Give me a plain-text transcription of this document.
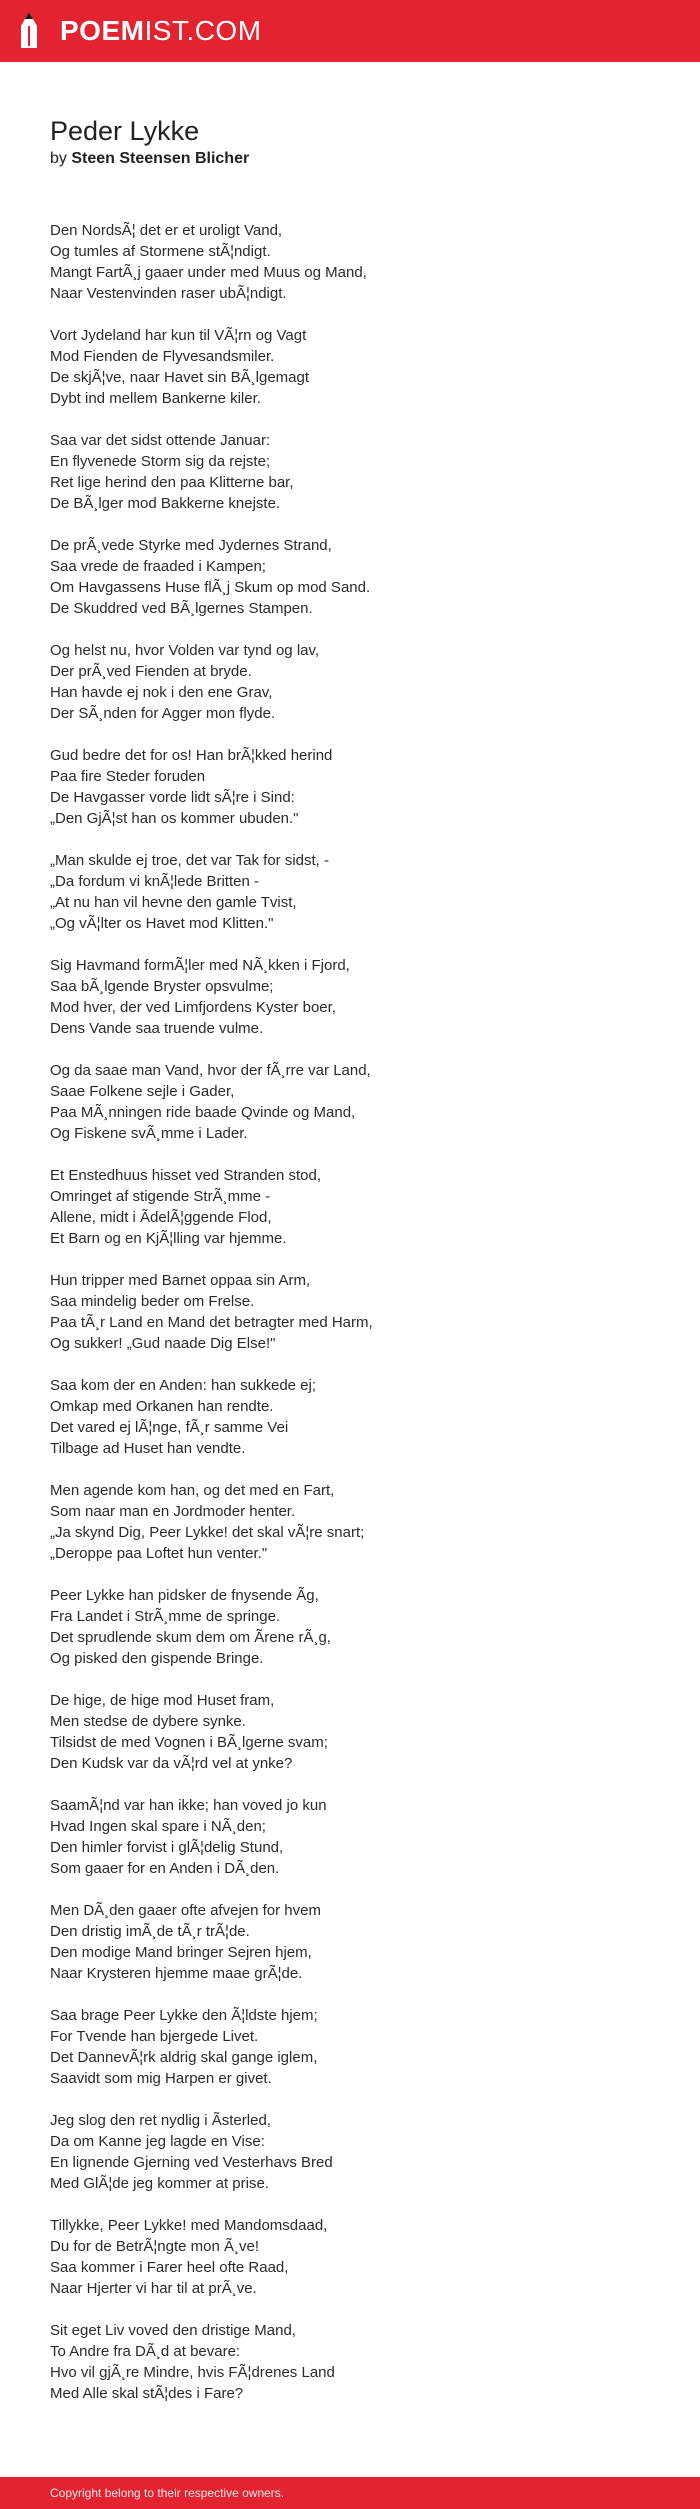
POEMIST.COM
Peder Lykke
by Steen Steensen Blicher
Den NordsÃ¦ det er et uroligt Vand,
Og tumles af Stormene stÃ¦ndigt.
Mangt FartÃ¸j gaaer under med Muus og Mand,
Naar Vestenvinden raser ubÃ¦ndigt.
Vort Jydeland har kun til VÃ¦rn og Vagt
Mod Fienden de Flyvesandsmiler.
De skjÃ¦ve, naar Havet sin BÃ¸lgemagt
Dybt ind mellem Bankerne kiler.
Saa var det sidst ottende Januar:
En flyvenede Storm sig da rejste;
Ret lige herind den paa Klitterne bar,
De BÃ¸lger mod Bakkerne knejste.
De prÃ¸vede Styrke med Jydernes Strand,
Saa vrede de fraaded i Kampen;
Om Havgassens Huse flÃ¸j Skum op mod Sand.
De Skuddred ved BÃ¸lgernes Stampen.
Og helst nu, hvor Volden var tynd og lav,
Der prÃ¸ved Fienden at bryde.
Han havde ej nok i den ene Grav,
Der SÃ¸nden for Agger mon flyde.
Gud bedre det for os! Han brÃ¦kked herind
Paa fire Steder foruden
De Havgasser vorde lidt sÃ¦re i Sind:
„Den GjÃ¦st han os kommer ubuden."
„Man skulde ej troe, det var Tak for sidst, -
„Da fordum vi knÃ¦lede Britten -
„At nu han vil hevne den gamle Tvist,
„Og vÃ¦lter os Havet mod Klitten."
Sig Havmand formÃ¦ler med NÃ¸kken i Fjord,
Saa bÃ¸lgende Bryster opsvulme;
Mod hver, der ved Limfjordens Kyster boer,
Dens Vande saa truende vulme.
Og da saae man Vand, hvor der fÃ¸rre var Land,
Saae Folkene sejle i Gader,
Paa MÃ¸nningen ride baade Qvinde og Mand,
Og Fiskene svÃ¸mme i Lader.
Et Enstedhuus hisset ved Stranden stod,
Omringet af stigende StrÃ¸mme -
Allene, midt i ÃdelÃ¦ggende Flod,
Et Barn og en KjÃ¦lling var hjemme.
Hun tripper med Barnet oppaa sin Arm,
Saa mindelig beder om Frelse.
Paa tÃ¸r Land en Mand det betragter med Harm,
Og sukker! „Gud naade Dig Else!"
Saa kom der en Anden: han sukkede ej;
Omkap med Orkanen han rendte.
Det vared ej lÃ¦nge, fÃ¸r samme Vei
Tilbage ad Huset han vendte.
Men agende kom han, og det med en Fart,
Som naar man en Jordmoder henter.
„Ja skynd Dig, Peer Lykke! det skal vÃ¦re snart;
„Deroppe paa Loftet hun venter."
Peer Lykke han pidsker de fnysende Ãg,
Fra Landet i StrÃ¸mme de springe.
Det sprudlende skum dem om Ãrene rÃ¸g,
Og pisked den gispende Bringe.
De hige, de hige mod Huset fram,
Men stedse de dybere synke.
Tilsidst de med Vognen i BÃ¸lgerne svam;
Den Kudsk var da vÃ¦rd vel at ynke?
SaamÃ¦nd var han ikke; han voved jo kun
Hvad Ingen skal spare i NÃ¸den;
Den himler forvist i glÃ¦delig Stund,
Som gaaer for en Anden i DÃ¸den.
Men DÃ¸den gaaer ofte afvejen for hvem
Den dristig imÃ¸de tÃ¸r trÃ¦de.
Den modige Mand bringer Sejren hjem,
Naar Krysteren hjemme maae grÃ¦de.
Saa brage Peer Lykke den Ã¦ldste hjem;
For Tvende han bjergede Livet.
Det DannevÃ¦rk aldrig skal gange iglem,
Saavidt som mig Harpen er givet.
Jeg slog den ret nydlig i Ãsterled,
Da om Kanne jeg lagde en Vise:
En lignende Gjerning ved Vesterhavs Bred
Med GlÃ¦de jeg kommer at prise.
Tillykke, Peer Lykke! med Mandomsdaad,
Du for de BetrÃ¦ngte mon Ã¸ve!
Saa kommer i Farer heel ofte Raad,
Naar Hjerter vi har til at prÃ¸ve.
Sit eget Liv voved den dristige Mand,
To Andre fra DÃ¸d at bevare:
Hvo vil gjÃ¸re Mindre, hvis FÃ¦drenes Land
Med Alle skal stÃ¦des i Fare?
Copyright belong to their respective owners.
